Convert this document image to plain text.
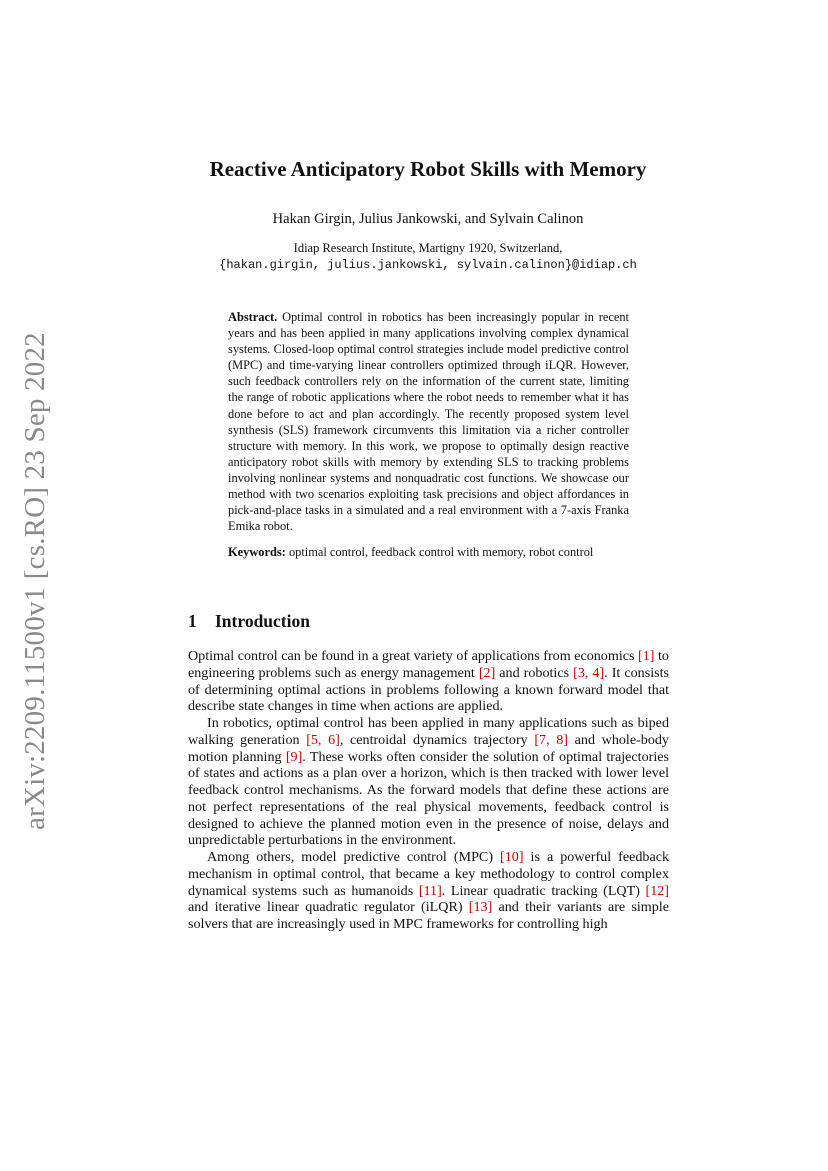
arXiv:2209.11500v1 [cs.RO] 23 Sep 2022
Reactive Anticipatory Robot Skills with Memory
Hakan Girgin, Julius Jankowski, and Sylvain Calinon
Idiap Research Institute, Martigny 1920, Switzerland,
{hakan.girgin, julius.jankowski, sylvain.calinon}@idiap.ch

Abstract. Optimal control in robotics has been increasingly popular in recent years and has been applied in many applications involving complex dynamical systems. Closed-loop optimal control strategies include model predictive control (MPC) and time-varying linear controllers optimized through iLQR. However, such feedback controllers rely on the information of the current state, limiting the range of robotic applications where the robot needs to remember what it has done before to act and plan accordingly. The recently proposed system level synthesis (SLS) framework circumvents this limitation via a richer controller structure with memory. In this work, we propose to optimally design reactive anticipatory robot skills with memory by extending SLS to tracking problems involving nonlinear systems and nonquadratic cost functions. We showcase our method with two scenarios exploiting task precisions and object affordances in pick-and-place tasks in a simulated and a real environment with a 7-axis Franka Emika robot.

Keywords: optimal control, feedback control with memory, robot control

1 Introduction

Optimal control can be found in a great variety of applications from economics [1] to engineering problems such as energy management [2] and robotics [3, 4]. It consists of determining optimal actions in problems following a known forward model that describe state changes in time when actions are applied.

In robotics, optimal control has been applied in many applications such as biped walking generation [5, 6], centroidal dynamics trajectory [7, 8] and whole-body motion planning [9]. These works often consider the solution of optimal trajectories of states and actions as a plan over a horizon, which is then tracked with lower level feedback control mechanisms. As the forward models that define these actions are not perfect representations of the real physical movements, feedback control is designed to achieve the planned motion even in the presence of noise, delays and unpredictable perturbations in the environment.

Among others, model predictive control (MPC) [10] is a powerful feedback mechanism in optimal control, that became a key methodology to control complex dynamical systems such as humanoids [11]. Linear quadratic tracking (LQT) [12] and iterative linear quadratic regulator (iLQR) [13] and their variants are simple solvers that are increasingly used in MPC frameworks for controlling high
